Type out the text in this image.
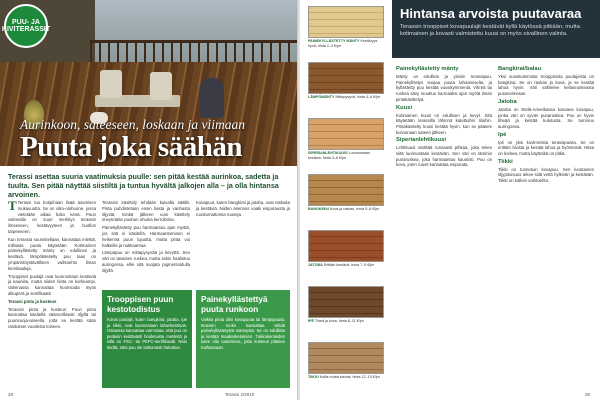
PUU- JA KIVITERASSIT
Aurinkoon, sateeseen, loskaan ja viimaan
Puuta joka säähän
Terassi asettaa suuria vaatimuksia puulle: sen pitää kestää aurinkoa, sadetta ja tuulta. Sen pitää näyttää siistiltä ja tuntua hyvältä jalkojen alla – ja olla hintansa arvoinen.

T Terassi tuo kotipihaan lisää asumisen mukavuutta. Se on ulko-olohuone, jossa vietetään aikaa koko kesä. Puun valinnalla on suuri merkitys terassin ilmeeseen, kestävyyteen ja huollon tarpeeseen.

Kun terassia suunnitellaan, kannattaa miettiä, millaista puuta käytetään. Kotimainen painekyllästetty mänty on edullinen ja kestävä, lämpökäsitelty puu taas on ympäristöystävällinen vaihtoehto ilman kemikaaleja.

Trooppiset puulajit ovat luonnostaan kestäviä ja kauniita, mutta niiden hinta on korkeampi. Valinnassa kannattaa huomioida myös alkuperä ja sertifikaatit.

Terassi pinta ja kosteus

Terassin pinta ja kosteus: Puun pinta kannattaa käsitellä säännöllisesti öljyllä tai puunsuoja-aineella, jotta se kestää sään rasitukset vuodesta toiseen.

Terassin käsittely tehdään kuivalla säällä. Pinta puhdistetaan ensin liasta ja vanhasta öljystä, minkä jälkeen uusi käsittely imeytetään puuhun ohuina kerroksina.

Painekyllästetty puu harmaantuu ajan myötä, jos sitä ei käsitellä. Harmaantuminen ei heikennä puun lujuutta, mutta pinta voi halkeilla ja nukkaantua.

Lämpöpuu on mittapysyvää ja kevyttä. Sen väri on tasaisen ruskea, mutta sekin haalistuu auringossa, ellei sitä suojata pigmentoidulla öljyllä.

Kovapuut, kuten bangkirai ja jatoba, ovat raskaita ja kestäviä. Niiden asennus vaatii esiporausta ja ruostumattomia ruuveja.

Trooppisen puun kestotodistus

Kovat puulajit, kuten bangkirai, jatoba, ipé ja tiikki, ovat luonnostaan lahonkestäviä. Ostaessa kannattaa varmistaa, että puu on peräisin kestävästi hoidetuista metsistä ja sillä on FSC- tai PEFC-sertifikaatti. Näin tiedät, ettei puu ole laittomasti hakattua.

Painekyllästettyä puuta runkoon

Vaikka pinta olisi kovapuuta tai lämpöpuuta, terassin runko kannattaa tehdä painekyllästetystä männystä. Se on edullista ja kestää maakosketuksen. Tukirakenteiden tulee olla tuulettuvia, jotta kosteus pääsee haihtumaan.

28	Terassi 2/2010
PAINEKYLLÄSTETTY MÄNTY Kestävyys hyvä, hinta 2–3 €/jm
LÄMPÖMÄNTY Mittapysyvä, hinta 4–6 €/jm
SIPERIANLEHTIKUUSI Luonnostaan kestävä, hinta 4–6 €/jm
BANGKIRAI Kova ja raskas, hinta 5–8 €/jm
JATOBA Erittäin kestävä, hinta 7–9 €/jm
IPÉ Tiheä ja kova, hinta 8–11 €/jm
TIIKKI Kallis mutta kaunis, hinta 12–15 €/jm
Hintansa arvoista puutavaraa
Terassin trooppiset kovapuulajit kestävät kyllä käytössä pitkään, mutta kotimainen ja kovasti valmistettu kuusi on myös oivallinen valinta.
Painekyllästetty mänty

Mänty on edullisin ja yleisin terassipuu. Painekyllästys suojaa puuta lahoamiselta, ja kyllästetty puu kestää vuosikymmeniä. Vihreä tai ruskea sävy muuttuu harmaaksi ajan myötä ilman pintakäsittelyä.

Kuusi

Kotimainen kuusi on edullinen ja kevyt. Sitä käytetään terassilla lähinnä katettuihin tiloihin. Pintakäsitelty kuusi kestää hyvin, kun se pääsee kuivumaan sateen jälkeen.

Siperianlehtikuusi

Lehtikuusi sisältää runsaasti pihkaa, joka tekee siitä luonnostaan kestävän. Sen väri on lämmin punaruskea, joka harmaantuu kauniisti. Puu on kova, joten ruuvit kannattaa esiporata.

Bangkirai/balau

Yksi suosituimmista trooppisista puulajeista on bangkirai. Se on raskas ja kova, ja se kestää lahoa hyvin. Väri vaihtelee kellanruskeasta punaruskeaan.

Jatoba

Jatoba on Etelä-Amerikassa kasvava kovapuu, jonka väri on syvän punaruskea. Puu on hyvin tiheää ja kestää kulutusta. Se tummuu auringossa.

Ipé

Ipé on yksi kovimmista terassipuista. Se on erittäin tiivistä ja kestää lahoa ja hyönteisiä. Hinta on korkea, mutta käyttöikä on pitkä.

Tiikki

Tiikki on tunnetuin kovapuu. Sen luontainen öljypitoisuus tekee siitä vettä hylkivän ja kestävän. Tiikki on kallein vaihtoehto.

29
